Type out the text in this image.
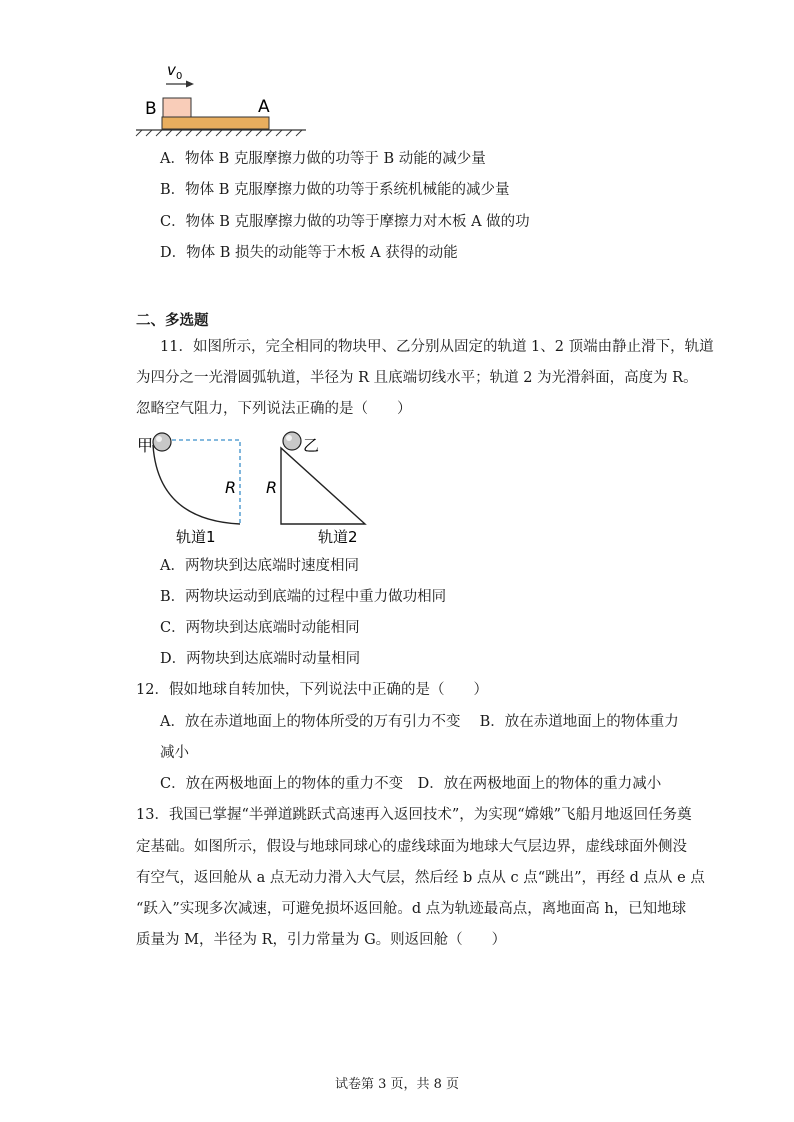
v 0
B	A
A．物体 B 克服摩擦力做的功等于 B 动能的减少量
B．物体 B 克服摩擦力做的功等于系统机械能的减少量
C．物体 B 克服摩擦力做的功等于摩擦力对木板 A 做的功
D．物体 B 损失的动能等于木板 A 获得的动能
二、多选题
11．如图所示，完全相同的物块甲、乙分别从固定的轨道 1、2 顶端由静止滑下，轨道
为四分之一光滑圆弧轨道，半径为 R 且底端切线水平；轨道 2 为光滑斜面，高度为 R。
忽略空气阻力，下列说法正确的是（　　）
甲
R
轨道1
乙
R
轨道2
A．两物块到达底端时速度相同
B．两物块运动到底端的过程中重力做功相同
C．两物块到达底端时动能相同
D．两物块到达底端时动量相同
12．假如地球自转加快，下列说法中正确的是（　　）
A．放在赤道地面上的物体所受的万有引力不变　 B．放在赤道地面上的物体重力
减小
C．放在两极地面上的物体的重力不变　D．放在两极地面上的物体的重力减小
13．我国已掌握“半弹道跳跃式高速再入返回技术”，为实现“嫦娥”飞船月地返回任务奠
定基础。如图所示，假设与地球同球心的虚线球面为地球大气层边界，虚线球面外侧没
有空气，返回舱从 a 点无动力滑入大气层，然后经 b 点从 c 点“跳出”，再经 d 点从 e 点
“跃入”实现多次减速，可避免损坏返回舱。d 点为轨迹最高点，离地面高 h，已知地球
质量为 M，半径为 R，引力常量为 G。则返回舱（　　）
试卷第 3 页，共 8 页
